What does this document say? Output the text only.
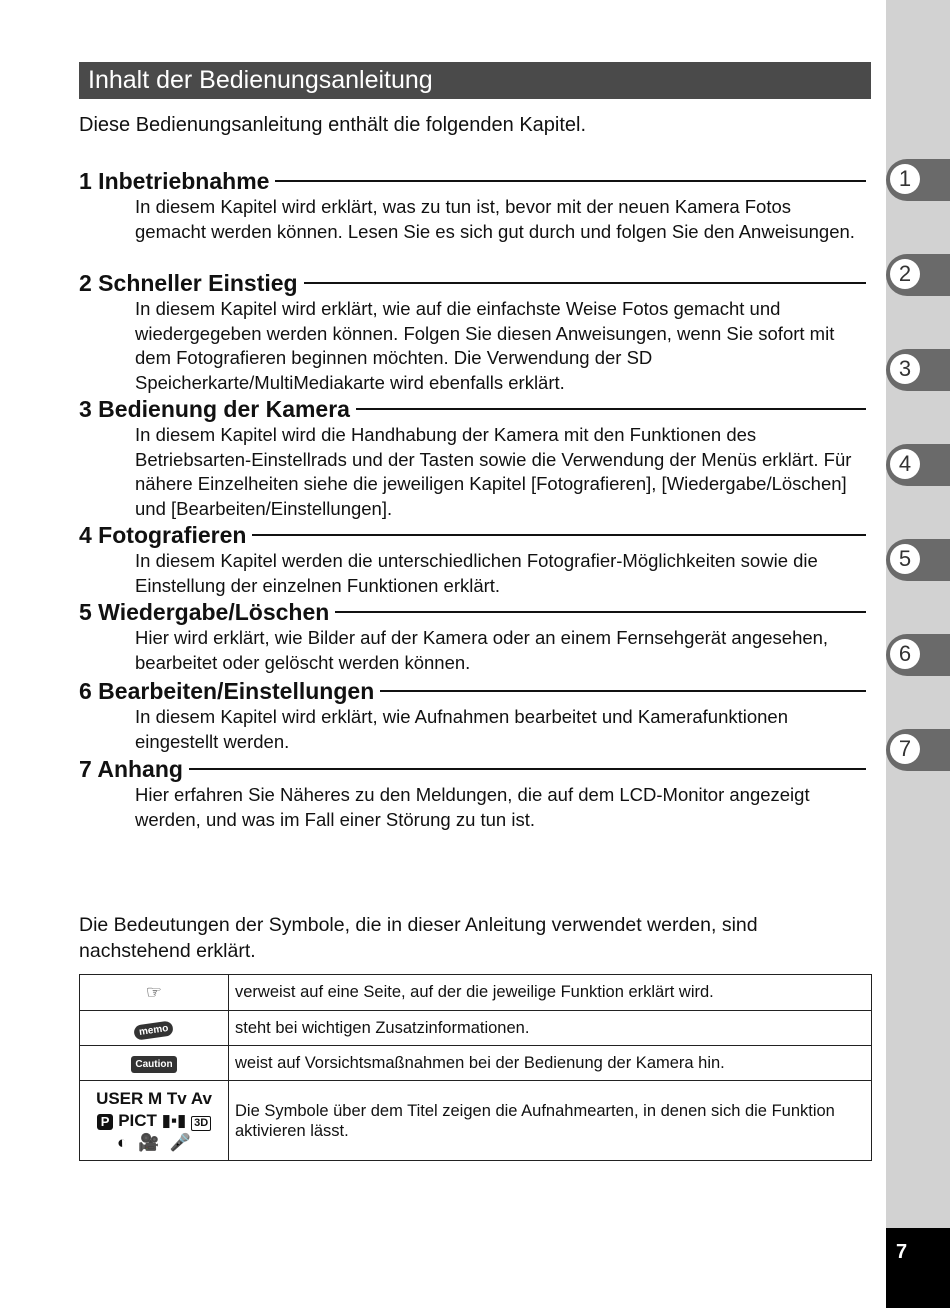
1
2
3
4
5
6
7
7
Inhalt der Bedienungsanleitung
Diese Bedienungsanleitung enthält die folgenden Kapitel.
1 Inbetriebnahme
In diesem Kapitel wird erklärt, was zu tun ist, bevor mit der neuen Kamera Fotos gemacht werden können. Lesen Sie es sich gut durch und folgen Sie den Anweisungen.
2 Schneller Einstieg
In diesem Kapitel wird erklärt, wie auf die einfachste Weise Fotos gemacht und wiedergegeben werden können. Folgen Sie diesen Anweisungen, wenn Sie sofort mit dem Fotografieren beginnen möchten. Die Verwendung der SD Speicherkarte/MultiMediakarte wird ebenfalls erklärt.
3 Bedienung der Kamera
In diesem Kapitel wird die Handhabung der Kamera mit den Funktionen des Betriebsarten-Einstellrads und der Tasten sowie die Verwendung der Menüs erklärt. Für nähere Einzelheiten siehe die jeweiligen Kapitel [Fotografieren], [Wiedergabe/Löschen] und [Bearbeiten/Einstellungen].
4 Fotografieren
In diesem Kapitel werden die unterschiedlichen Fotografier-Möglichkeiten sowie die Einstellung der einzelnen Funktionen erklärt.
5 Wiedergabe/Löschen
Hier wird erklärt, wie Bilder auf der Kamera oder an einem Fernsehgerät angesehen, bearbeitet oder gelöscht werden können.
6 Bearbeiten/Einstellungen
In diesem Kapitel wird erklärt, wie Aufnahmen bearbeitet und Kamerafunktionen eingestellt werden.
7 Anhang
Hier erfahren Sie Näheres zu den Meldungen, die auf dem LCD-Monitor angezeigt werden, und was im Fall einer Störung zu tun ist.
Die Bedeutungen der Symbole, die in dieser Anleitung verwendet werden, sind nachstehend erklärt.
☞	verweist auf eine Seite, auf der die jeweilige Funktion erklärt wird.
memo	steht bei wichtigen Zusatzinformationen.
Caution	weist auf Vorsichtsmaßnahmen bei der Bedienung der Kamera hin.

USER M Tv Av
P PICT ▮▪▮ 3D
◐ 🎥 🎤	Die Symbole über dem Titel zeigen die Aufnahmearten, in denen sich die Funktion aktivieren lässt.
